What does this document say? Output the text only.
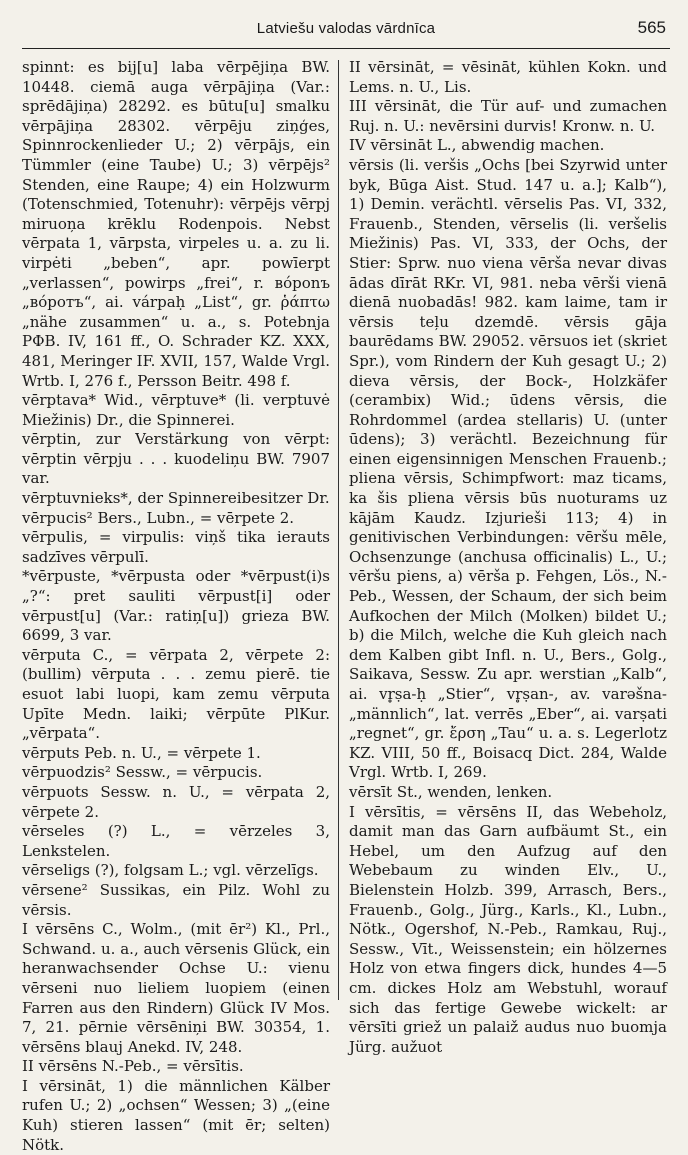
Latviešu valodas vārdnīca	565

spinnt: es bij[u] laba vērpējiņa BW. 10448. ciemā auga vērpājiņa (Var.: sprēdājiņa) 28292. es būtu[u] smalku vērpājiņa 28302. vērpēju ziņģes, Spinnrockenlieder U.; 2) vērpājs, ein Tümmler (eine Taube) U.; 3) vērpējs² Stenden, eine Raupe; 4) ein Holzwurm (Totenschmied, Totenuhr): vērpējs vērpj miruoņa krēklu Rodenpois. Nebst vērpata 1, vārpsta, virpeles u. a. zu li. virpėti „beben“, apr. powīerpt „verlassen“, powirps „frei“, r. вóрonъ „вóротъ“, ai. várpaḥ „List“, gr. ῥάπτω „nähe zusammen“ u. a., s. Potebnja РФВ. IV, 161 ff., O. Schrader KZ. XXX, 481, Meringer IF. XVII, 157, Walde Vrgl. Wrtb. I, 276 f., Persson Beitr. 498 f.

vērptava* Wid., vērptuve* (li. verptuvė Miežinis) Dr., die Spinnerei.

vērptin, zur Verstärkung von vērpt: vērptin vērpju . . . kuodeliņu BW. 7907 var.

vērptuvnieks*, der Spinnereibesitzer Dr.

vērpucis² Bers., Lubn., = vērpete 2.

vērpulis, = virpulis: viņš tika ierauts sadzīves vērpulī.

*vērpuste, *vērpusta oder *vērpust(i)s „?“: pret sauliti vērpust[i] oder vērpust[u] (Var.: ratiņ[u]) grieza BW. 6699, 3 var.

vērputa C., = vērpata 2, vērpete 2: (bullim) vērputa . . . zemu pierē. tie esuot labi luopi, kam zemu vērputa Upīte Medn. laiki; vērpūte PlKur. „vērpata“.

vērputs Peb. n. U., = vērpete 1.

vērpuodzis² Sessw., = vērpucis.

vērpuots Sessw. n. U., = vērpata 2, vērpete 2.

vērseles (?) L., = vērzeles 3, Lenkstelen.

vērseligs (?), folgsam L.; vgl. vērzelīgs.

vērsene² Sussikas, ein Pilz. Wohl zu vērsis.

I vērsēns C., Wolm., (mit ēr²) Kl., Prl., Schwand. u. a., auch vērsenis Glück, ein heranwachsender Ochse U.: vienu vērseni nuo lieliem luopiem (einen Farren aus den Rindern) Glück IV Mos. 7, 21. pērnie vērsēniņi BW. 30354, 1. vērsēns blauj Anekd. IV, 248.

II vērsēns N.-Peb., = vērsītis.

I vērsināt, 1) die männlichen Kälber rufen U.; 2) „ochsen“ Wessen; 3) „(eine Kuh) stieren lassen“ (mit ēr; selten) Nötk.

II vērsināt, = vēsināt, kühlen Kokn. und Lems. n. U., Lis.

III vērsināt, die Tür auf- und zumachen Ruj. n. U.: nevērsini durvis! Kronw. n. U.

IV vērsināt L., abwendig machen.

vērsis (li. veršis „Ochs [bei Szyrwid unter byk, Būga Aist. Stud. 147 u. a.]; Kalb“), 1) Demin. verächtl. vērselis Pas. VI, 332, Frauenb., Stenden, vērselis (li. veršelis Miežinis) Pas. VI, 333, der Ochs, der Stier: Sprw. nuo viena vērša nevar divas ādas dīrāt RKr. VI, 981. neba vērši vienā dienā nuobadās! 982. kam laime, tam ir vērsis teļu dzemdē. vērsis gāja baurēdams BW. 29052. vērsuos iet (skriet Spr.), vom Rindern der Kuh gesagt U.; 2) dieva vērsis, der Bock-, Holzkäfer (cerambix) Wid.; ūdens vērsis, die Rohrdommel (ardea stellaris) U. (unter ūdens); 3) verächtl. Bezeichnung für einen eigensinnigen Menschen Frauenb.; pliena vērsis, Schimpfwort: maz ticams, ka šis pliena vērsis būs nuoturams uz kājām Kaudz. Izjurieši 113; 4) in genitivischen Verbindungen: vēršu mēle, Ochsenzunge (anchusa officinalis) L., U.; vēršu piens, a) vērša p. Fehgen, Lös., N.-Peb., Wessen, der Schaum, der sich beim Aufkochen der Milch (Molken) bildet U.; b) die Milch, welche die Kuh gleich nach dem Kalben gibt Infl. n. U., Bers., Golg., Saikava, Sessw. Zu apr. werstian „Kalb“, ai. vr̥ṣa-ḥ „Stier“, vr̥ṣan-, av. varəšna- „männlich“, lat. verrēs „Eber“, ai. varṣati „regnet“, gr. ἔρση „Tau“ u. a. s. Legerlotz KZ. VIII, 50 ff., Boisacq Dict. 284, Walde Vrgl. Wrtb. I, 269.

vērsīt St., wenden, lenken.

I vērsītis, = vērsēns II, das Webeholz, damit man das Garn aufbäumt St., ein Hebel, um den Aufzug auf den Webebaum zu winden Elv., U., Bielenstein Holzb. 399, Arrasch, Bers., Frauenb., Golg., Jürg., Karls., Kl., Lubn., Nötk., Ogershof, N.-Peb., Ramkau, Ruj., Sessw., Vīt., Weissenstein; ein hölzernes Holz von etwa fingers dick, hundes 4—5 cm. dickes Holz am Webstuhl, worauf sich das fertige Gewebe wickelt: ar vērsīti griež un palaiž audus nuo buomja Jürg. aužuot
